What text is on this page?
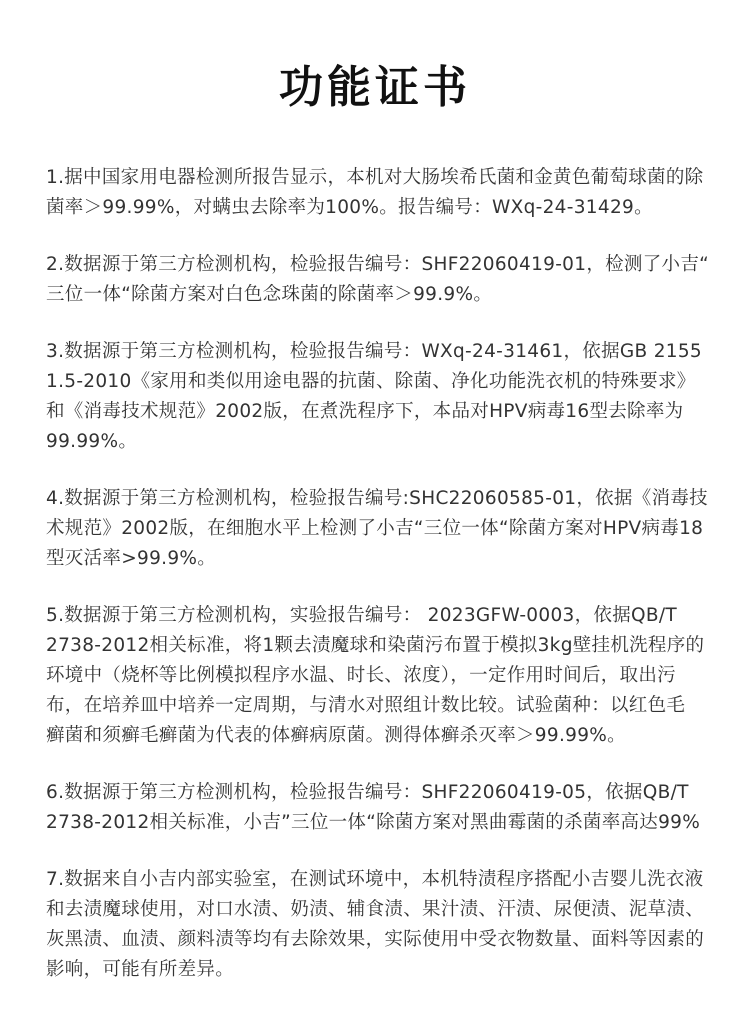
功能证书
1.据中国家用电器检测所报告显示，本机对大肠埃希氏菌和金黄色葡萄球菌的除
菌率＞99.99%，对螨虫去除率为100%。报告编号：WXq-24-31429。
2.数据源于第三方检测机构，检验报告编号：SHF22060419-01，检测了小吉“
三位一体“除菌方案对白色念珠菌的除菌率＞99.9%。
3.数据源于第三方检测机构，检验报告编号：WXq-24-31461，依据GB 2155
1.5-2010《家用和类似用途电器的抗菌、除菌、净化功能洗衣机的特殊要求》
和《消毒技术规范》2002版，在煮洗程序下，本品对HPV病毒16型去除率为
99.99%。
4.数据源于第三方检测机构，检验报告编号:SHC22060585-01，依据《消毒技
术规范》2002版，在细胞水平上检测了小吉“三位一体“除菌方案对HPV病毒18
型灭活率>99.9%。
5.数据源于第三方检测机构，实验报告编号： 2023GFW-0003，依据QB/T
2738-2012相关标准，将1颗去渍魔球和染菌污布置于模拟3kg壁挂机洗程序的
环境中（烧杯等比例模拟程序水温、时长、浓度），一定作用时间后，取出污
布，在培养皿中培养一定周期，与清水对照组计数比较。试验菌种：以红色毛
癣菌和须癣毛癣菌为代表的体癣病原菌。测得体癣杀灭率＞99.99%。
6.数据源于第三方检测机构，检验报告编号：SHF22060419-05，依据QB/T
2738-2012相关标准，小吉”三位一体“除菌方案对黑曲霉菌的杀菌率高达99%
7.数据来自小吉内部实验室，在测试环境中，本机特渍程序搭配小吉婴儿洗衣液
和去渍魔球使用，对口水渍、奶渍、辅食渍、果汁渍、汗渍、尿便渍、泥草渍、
灰黑渍、血渍、颜料渍等均有去除效果，实际使用中受衣物数量、面料等因素的
影响，可能有所差异。
